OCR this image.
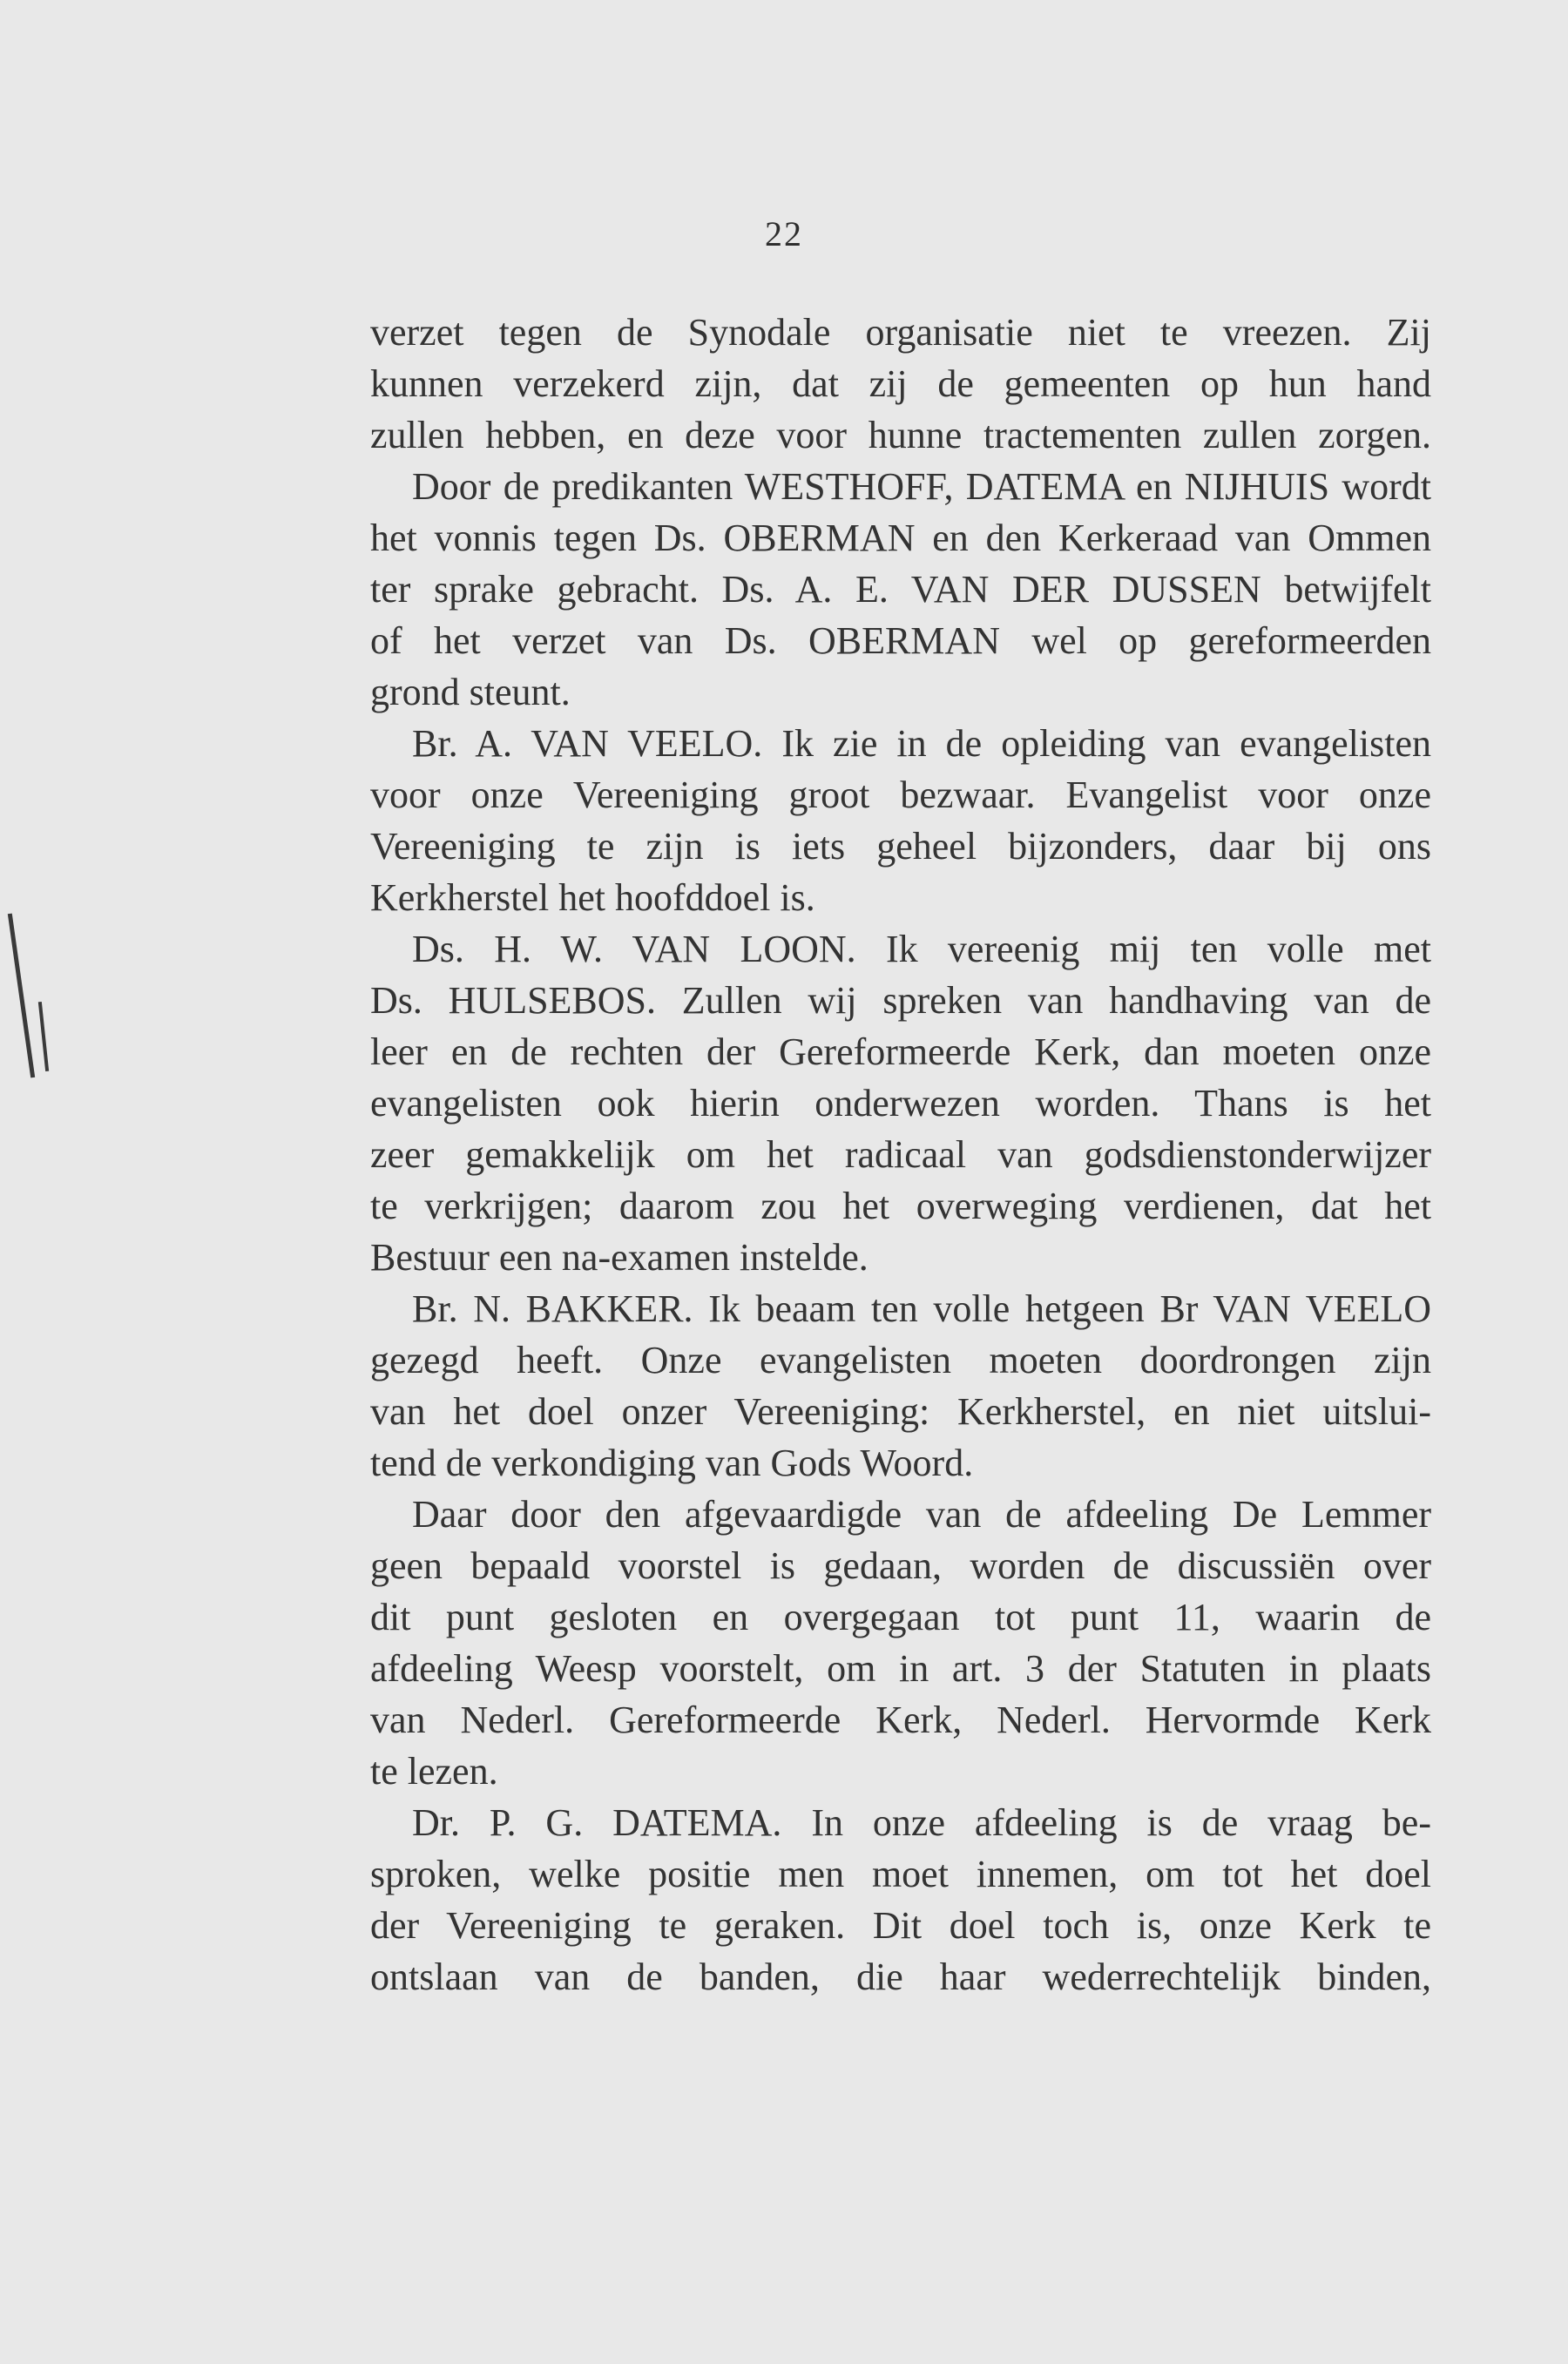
22
verzet tegen de Synodale organisatie niet te vreezen. Zij
kunnen verzekerd zijn, dat zij de gemeenten op hun hand
zullen hebben, en deze voor hunne tractementen zullen zorgen.
Door de predikanten WESTHOFF, DATEMA en NIJHUIS wordt
het vonnis tegen Ds. OBERMAN en den Kerkeraad van Ommen
ter sprake gebracht. Ds. A. E. VAN DER DUSSEN betwijfelt
of het verzet van Ds. OBERMAN wel op gereformeerden
grond steunt.
Br. A. VAN VEELO. Ik zie in de opleiding van evangelisten
voor onze Vereeniging groot bezwaar. Evangelist voor onze
Vereeniging te zijn is iets geheel bijzonders, daar bij ons
Kerkherstel het hoofddoel is.
Ds. H. W. VAN LOON. Ik vereenig mij ten volle met
Ds. HULSEBOS. Zullen wij spreken van handhaving van de
leer en de rechten der Gereformeerde Kerk, dan moeten onze
evangelisten ook hierin onderwezen worden. Thans is het
zeer gemakkelijk om het radicaal van godsdienstonderwijzer
te verkrijgen; daarom zou het overweging verdienen, dat het
Bestuur een na-examen instelde.
Br. N. BAKKER. Ik beaam ten volle hetgeen Br VAN VEELO
gezegd heeft. Onze evangelisten moeten doordrongen zijn
van het doel onzer Vereeniging: Kerkherstel, en niet uitslui-
tend de verkondiging van Gods Woord.
Daar door den afgevaardigde van de afdeeling De Lemmer
geen bepaald voorstel is gedaan, worden de discussiën over
dit punt gesloten en overgegaan tot punt 11, waarin de
afdeeling Weesp voorstelt, om in art. 3 der Statuten in plaats
van Nederl. Gereformeerde Kerk, Nederl. Hervormde Kerk
te lezen.
Dr. P. G. DATEMA. In onze afdeeling is de vraag be-
sproken, welke positie men moet innemen, om tot het doel
der Vereeniging te geraken. Dit doel toch is, onze Kerk te
ontslaan van de banden, die haar wederrechtelijk binden,
